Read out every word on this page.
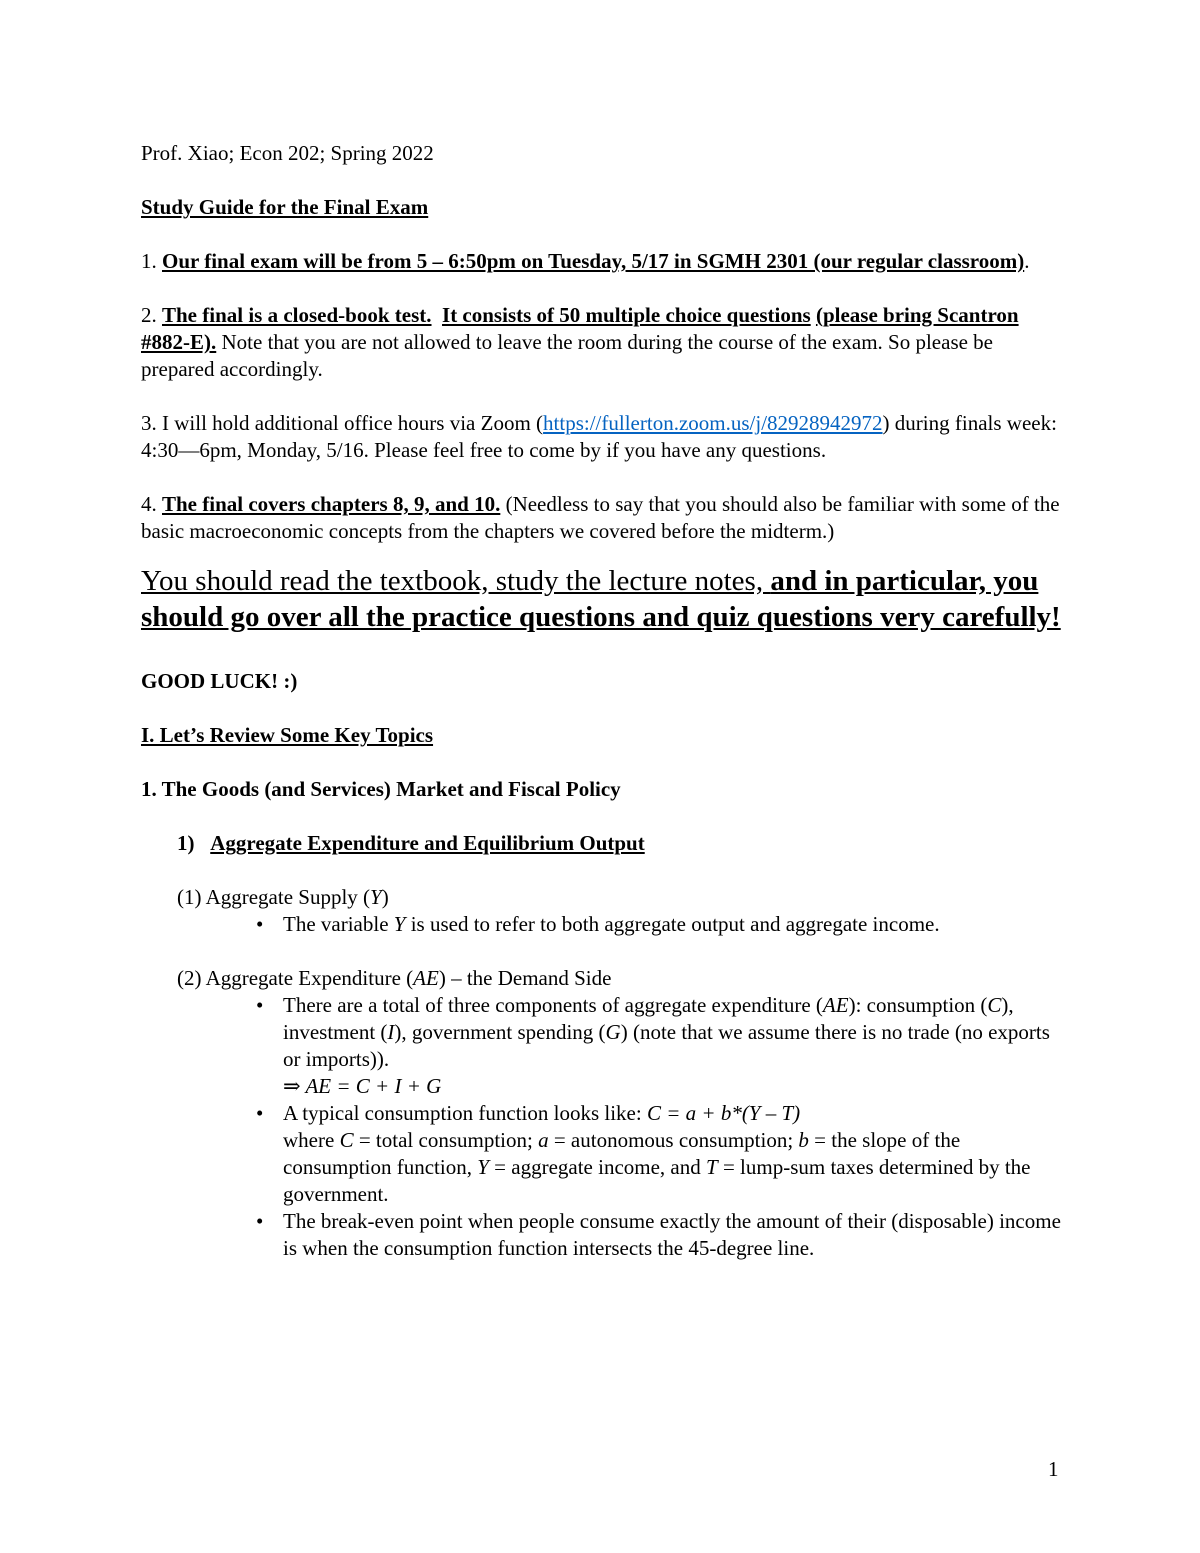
Prof. Xiao; Econ 202; Spring 2022

Study Guide for the Final Exam

1. Our final exam will be from 5 – 6:50pm on Tuesday, 5/17 in SGMH 2301 (our regular classroom).

2. The final is a closed-book test. It consists of 50 multiple choice questions (please bring Scantron #882-E). Note that you are not allowed to leave the room during the course of the exam. So please be prepared accordingly.

3. I will hold additional office hours via Zoom (https://fullerton.zoom.us/j/82928942972) during finals week: 4:30—6pm, Monday, 5/16. Please feel free to come by if you have any questions.

4. The final covers chapters 8, 9, and 10. (Needless to say that you should also be familiar with some of the basic macroeconomic concepts from the chapters we covered before the midterm.)

You should read the textbook, study the lecture notes, and in particular, you should go over all the practice questions and quiz questions very carefully!

GOOD LUCK! :)

I. Let’s Review Some Key Topics

1. The Goods (and Services) Market and Fiscal Policy

1) Aggregate Expenditure and Equilibrium Output

(1) Aggregate Supply (Y)

• The variable Y is used to refer to both aggregate output and aggregate income.

(2) Aggregate Expenditure (AE) – the Demand Side

• There are a total of three components of aggregate expenditure (AE): consumption (C), investment (I), government spending (G) (note that we assume there is no trade (no exports or imports)).
⇒ AE = C + I + G
• A typical consumption function looks like: C = a + b*(Y – T)
where C = total consumption; a = autonomous consumption; b = the slope of the consumption function, Y = aggregate income, and T = lump-sum taxes determined by the government.
• The break-even point when people consume exactly the amount of their (disposable) income is when the consumption function intersects the 45-degree line.
1
